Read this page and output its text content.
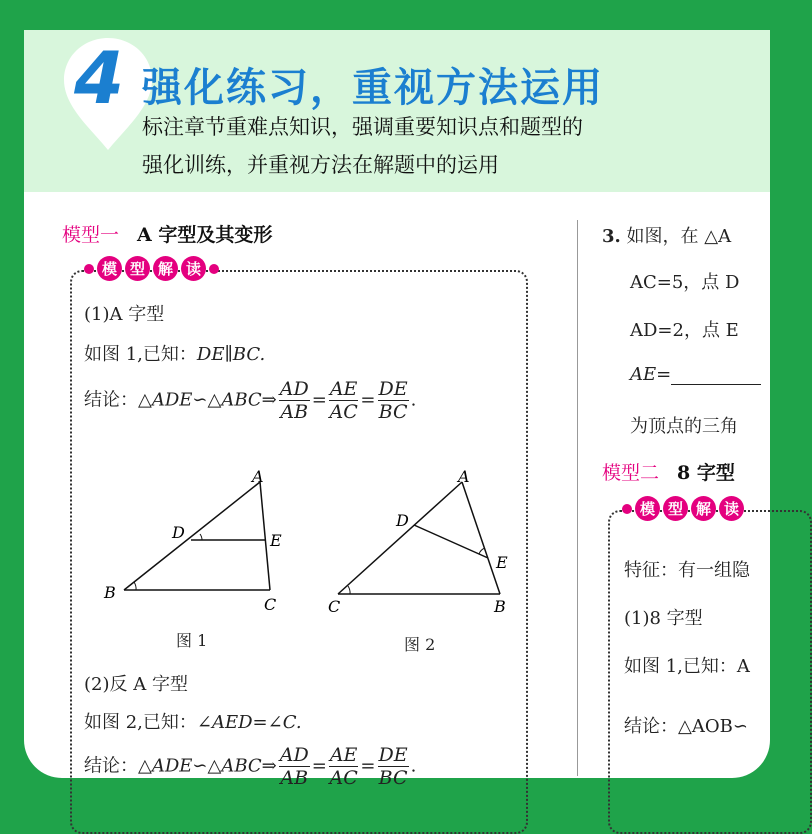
4 强化练习，重视方法运用
标注章节重难点知识，强调重要知识点和题型的
强化训练，并重视方法在解题中的运用
模型一 A 字型及其变形
模 型 解 读
(1)A 字型
如图 1,已知：DE∥BC.
结论：△ADE∽△ABC⇒ $\frac{AD}{AB} = \frac{AE}{AC} = \frac{DE}{BC}$ .
A
B
C
D	E
图 1
A
C	B
D
E
图 2
(2)反 A 字型
如图 2,已知：∠AED=∠C.
结论：△ADE∽△ABC⇒ $\frac{AD}{AB} = \frac{AE}{AC} = \frac{DE}{BC}$ .
3. 如图，在 △A
AC=5，点 D
AD=2，点 E
AE=
为顶点的三角
模型二 8 字型
模 型 解 读
特征：有一组隐
(1)8 字型
如图 1,已知：A
结论：△AOB∽
